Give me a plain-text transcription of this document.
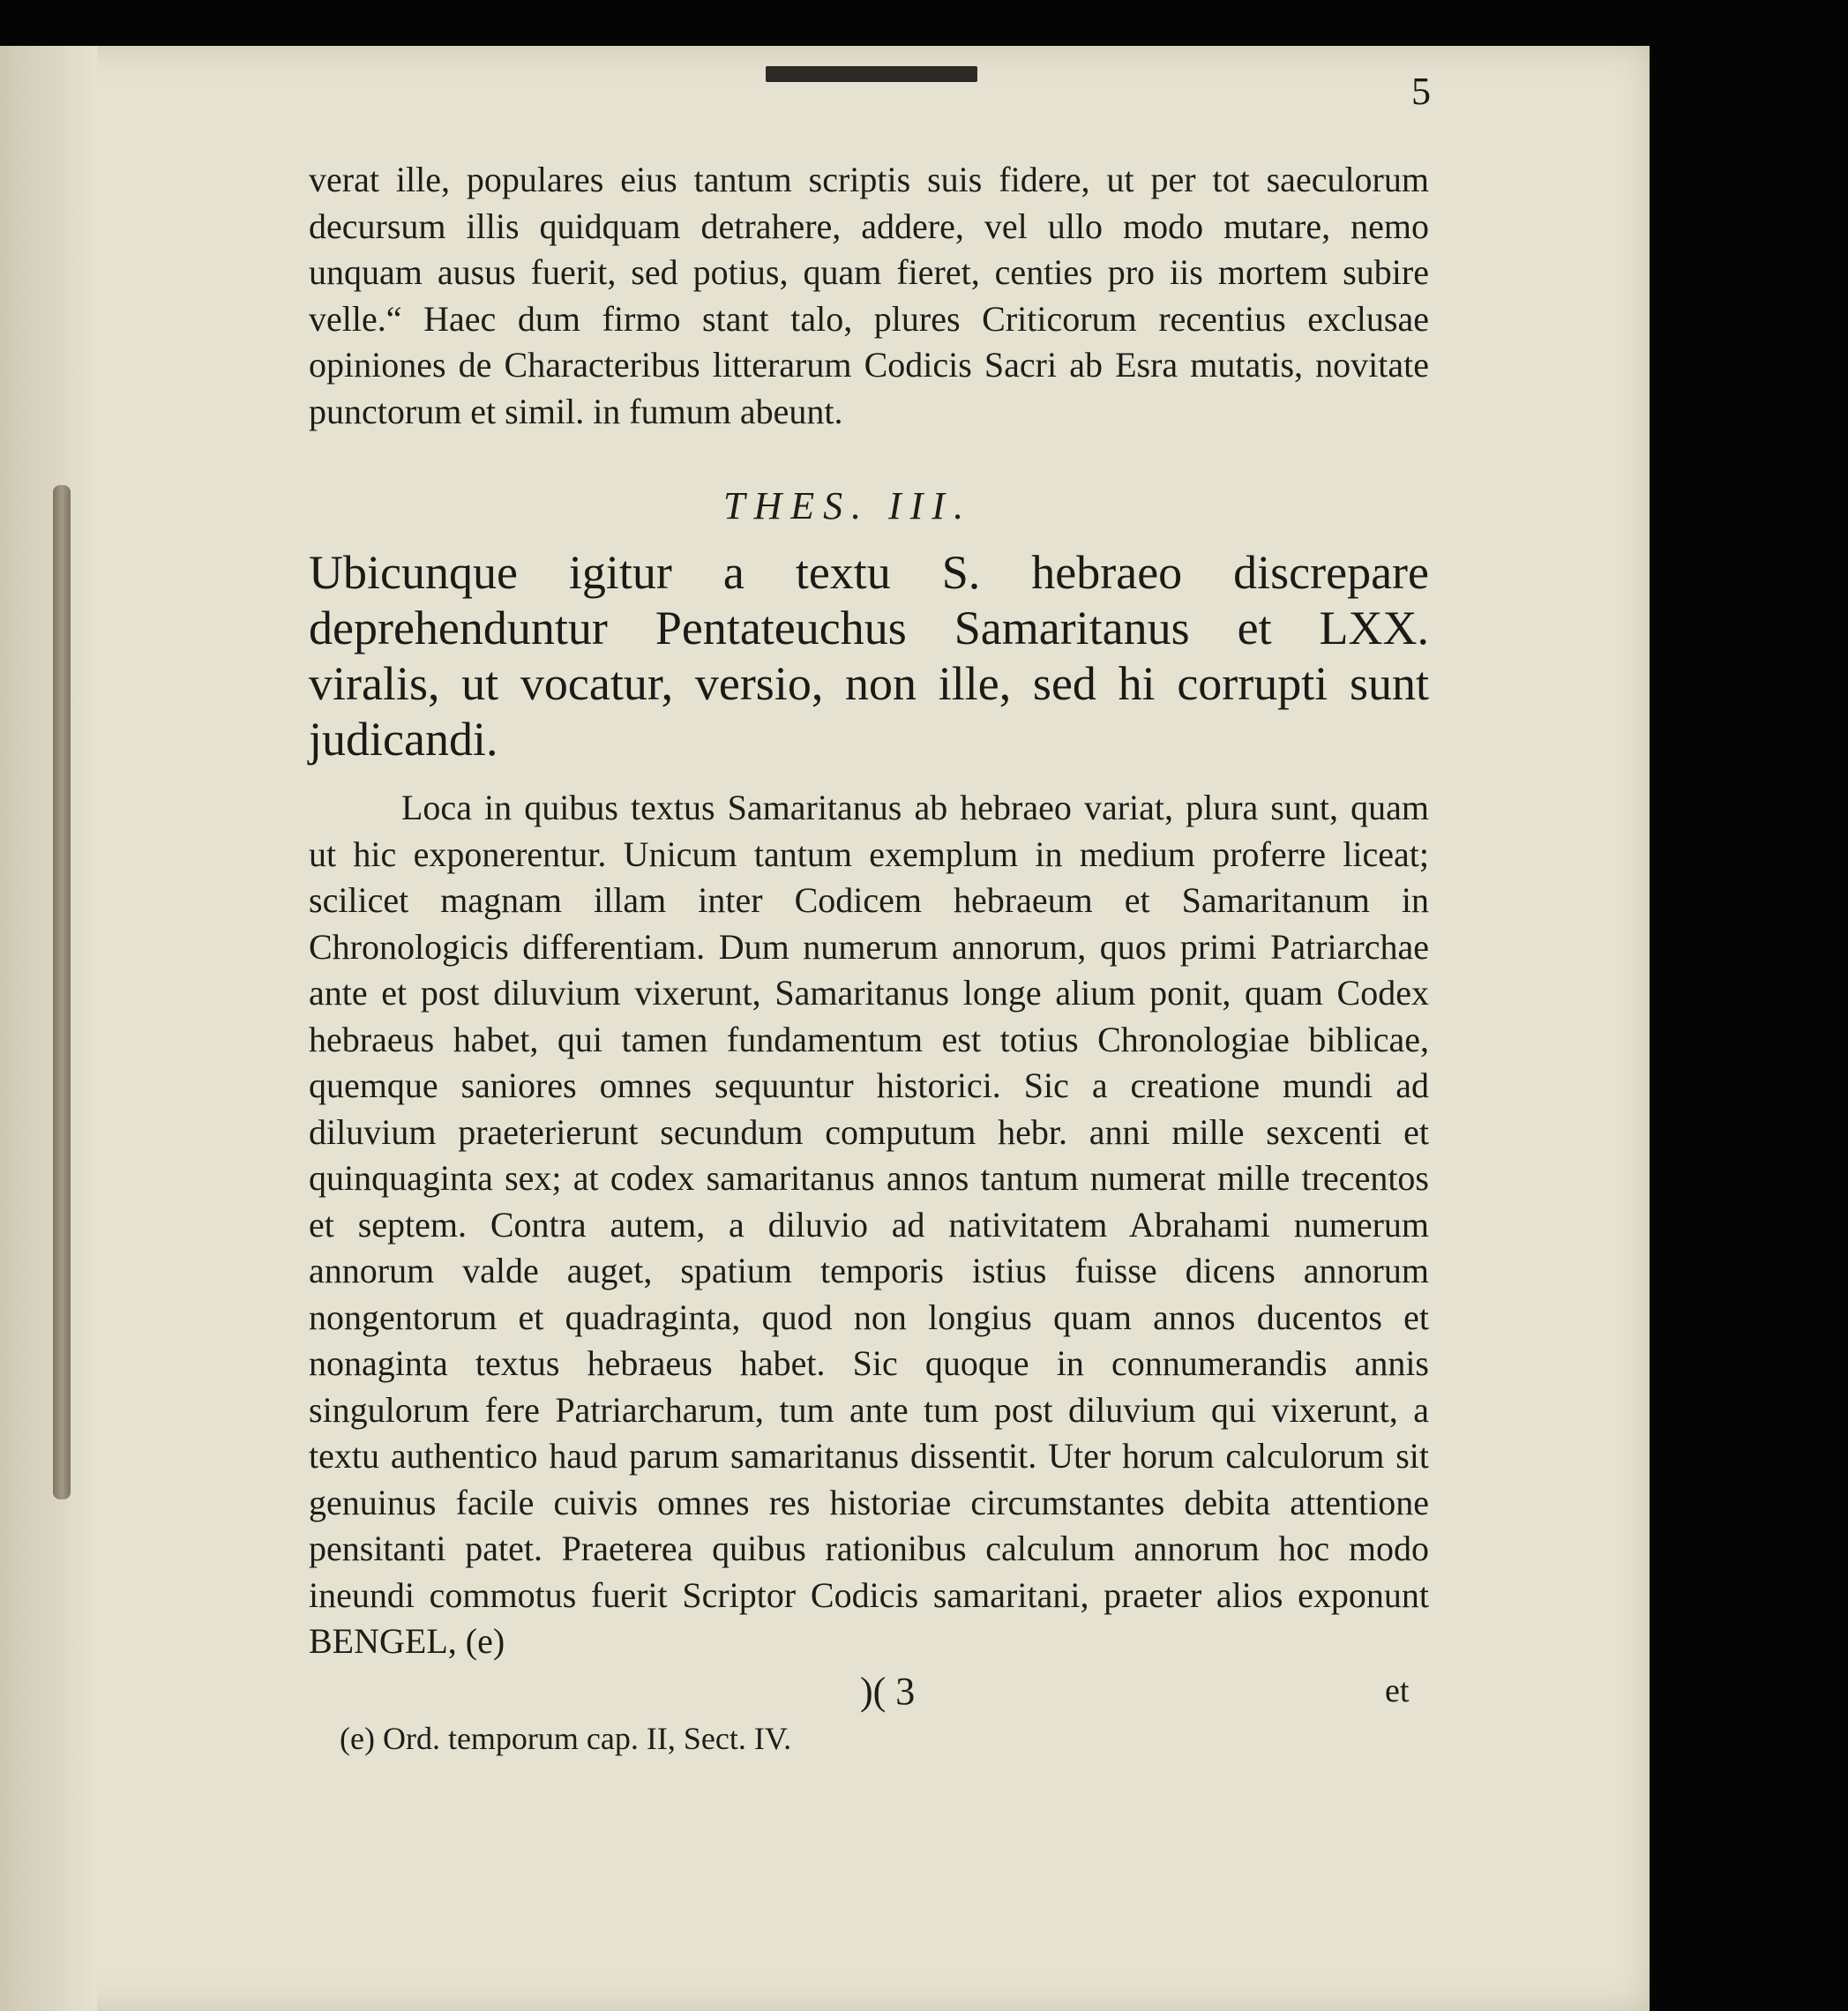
5

verat ille, populares eius tantum scriptis suis fidere, ut per tot saeculorum decursum illis quidquam detrahere, addere, vel ullo modo mutare, nemo unquam ausus fuerit, sed potius, quam fieret, centies pro iis mortem subire velle.“ Haec dum firmo stant talo, plures Criticorum recentius exclusae opiniones de Characteribus litterarum Codicis Sacri ab Esra mutatis, novitate punctorum et simil. in fumum abeunt.

THES. III.

Ubicunque igitur a textu S. hebraeo discrepare deprehenduntur Pentateuchus Samaritanus et LXX. viralis, ut vocatur, versio, non ille, sed hi corrupti sunt judicandi.

Loca in quibus textus Samaritanus ab hebraeo variat, plura sunt, quam ut hic exponerentur. Unicum tantum exemplum in medium proferre liceat; scilicet magnam illam inter Codicem hebraeum et Samaritanum in Chronologicis differentiam. Dum numerum annorum, quos primi Patriarchae ante et post diluvium vixerunt, Samaritanus longe alium ponit, quam Codex hebraeus habet, qui tamen fundamentum est totius Chronologiae biblicae, quemque saniores omnes sequuntur historici. Sic a creatione mundi ad diluvium praeterierunt secundum computum hebr. anni mille sexcenti et quinquaginta sex; at codex samaritanus annos tantum numerat mille trecentos et septem. Contra autem, a diluvio ad nativitatem Abrahami numerum annorum valde auget, spatium temporis istius fuisse dicens annorum nongentorum et quadraginta, quod non longius quam annos ducentos et nonaginta textus hebraeus habet. Sic quoque in connumerandis annis singulorum fere Patriarcharum, tum ante tum post diluvium qui vixerunt, a textu authentico haud parum samaritanus dissentit. Uter horum calculorum sit genuinus facile cuivis omnes res historiae circumstantes debita attentione pensitanti patet. Praeterea quibus rationibus calculum annorum hoc modo ineundi commotus fuerit Scriptor Codicis samaritani, praeter alios exponunt BENGEL, (e)

)( 3	et
(e) Ord. temporum cap. II, Sect. IV.
